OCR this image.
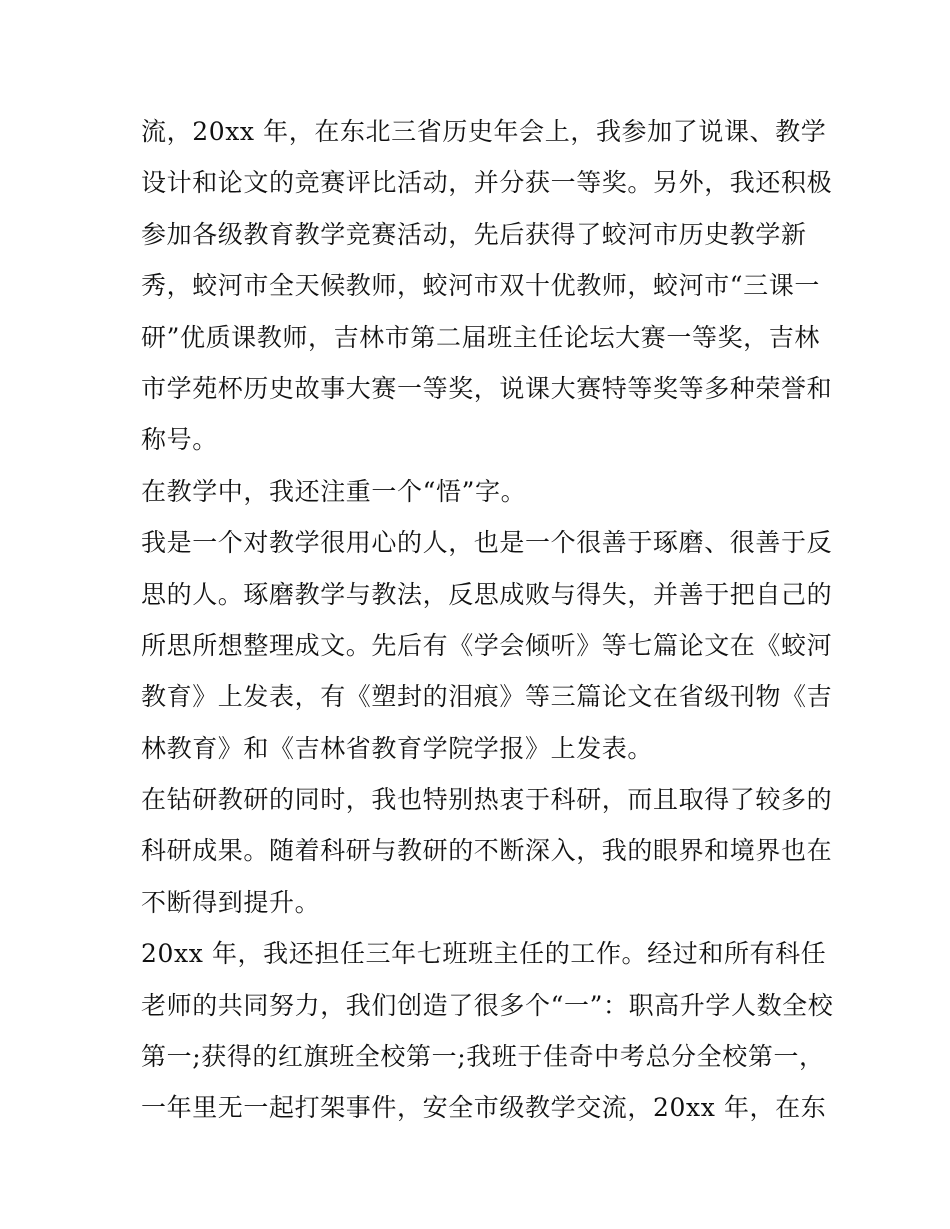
流，20xx 年，在东北三省历史年会上，我参加了说课、教学
设计和论文的竞赛评比活动，并分获一等奖。另外，我还积极
参加各级教育教学竞赛活动，先后获得了蛟河市历史教学新
秀，蛟河市全天候教师，蛟河市双十优教师，蛟河市“三课一
研”优质课教师，吉林市第二届班主任论坛大赛一等奖，吉林
市学苑杯历史故事大赛一等奖，说课大赛特等奖等多种荣誉和
称号。
在教学中，我还注重一个“悟”字。
我是一个对教学很用心的人，也是一个很善于琢磨、很善于反
思的人。琢磨教学与教法，反思成败与得失，并善于把自己的
所思所想整理成文。先后有《学会倾听》等七篇论文在《蛟河
教育》上发表，有《塑封的泪痕》等三篇论文在省级刊物《吉
林教育》和《吉林省教育学院学报》上发表。
在钻研教研的同时，我也特别热衷于科研，而且取得了较多的
科研成果。随着科研与教研的不断深入，我的眼界和境界也在
不断得到提升。
20xx 年，我还担任三年七班班主任的工作。经过和所有科任
老师的共同努力，我们创造了很多个“一”：职高升学人数全校
第一;获得的红旗班全校第一;我班于佳奇中考总分全校第一，
一年里无一起打架事件，安全市级教学交流，20xx 年，在东
